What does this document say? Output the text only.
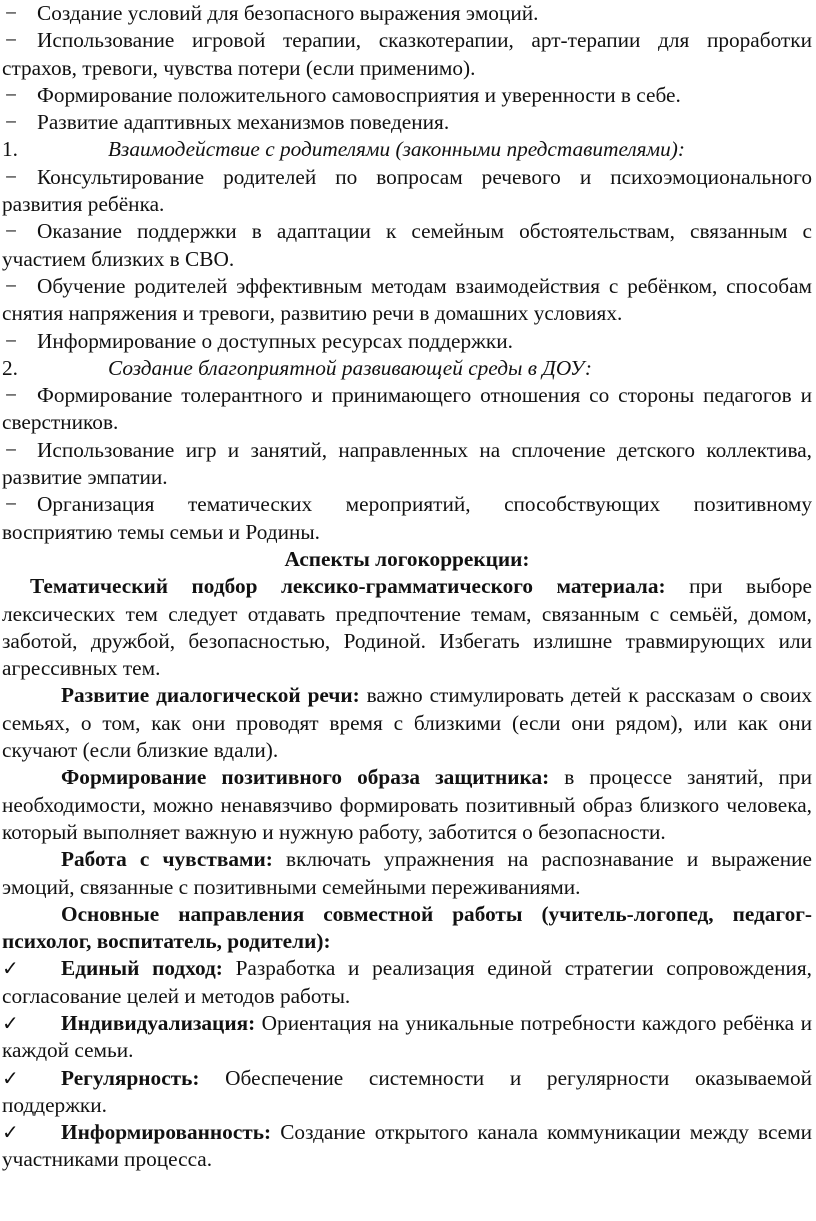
− Создание условий для безопасного выражения эмоций.

− Использование игровой терапии, сказкотерапии, арт-терапии для проработки страхов, тревоги, чувства потери (если применимо).

− Формирование положительного самовосприятия и уверенности в себе.

− Развитие адаптивных механизмов поведения.

1.	Взаимодействие с родителями (законными представителями):

− Консультирование родителей по вопросам речевого и психоэмоционального развития ребёнка.

− Оказание поддержки в адаптации к семейным обстоятельствам, связанным с участием близких в СВО.

− Обучение родителей эффективным методам взаимодействия с ребёнком, способам снятия напряжения и тревоги, развитию речи в домашних условиях.

− Информирование о доступных ресурсах поддержки.

2.	Создание благоприятной развивающей среды в ДОУ:

− Формирование толерантного и принимающего отношения со стороны педагогов и сверстников.

− Использование игр и занятий, направленных на сплочение детского коллектива, развитие эмпатии.

− Организация тематических мероприятий, способствующих позитивному восприятию темы семьи и Родины.

Аспекты логокоррекции:

Тематический подбор лексико-грамматического материала: при выборе лексических тем следует отдавать предпочтение темам, связанным с семьёй, домом, заботой, дружбой, безопасностью, Родиной. Избегать излишне травмирующих или агрессивных тем.

Развитие диалогической речи: важно стимулировать детей к рассказам о своих семьях, о том, как они проводят время с близкими (если они рядом), или как они скучают (если близкие вдали).

Формирование позитивного образа защитника: в процессе занятий, при необходимости, можно ненавязчиво формировать позитивный образ близкого человека, который выполняет важную и нужную работу, заботится о безопасности.

Работа с чувствами: включать упражнения на распознавание и выражение эмоций, связанные с позитивными семейными переживаниями.

Основные направления совместной работы (учитель-логопед, педагог-психолог, воспитатель, родители):

✓ Единый подход: Разработка и реализация единой стратегии сопровождения, согласование целей и методов работы.

✓ Индивидуализация: Ориентация на уникальные потребности каждого ребёнка и каждой семьи.

✓ Регулярность: Обеспечение системности и регулярности оказываемой поддержки.

✓ Информированность: Создание открытого канала коммуникации между всеми участниками процесса.
